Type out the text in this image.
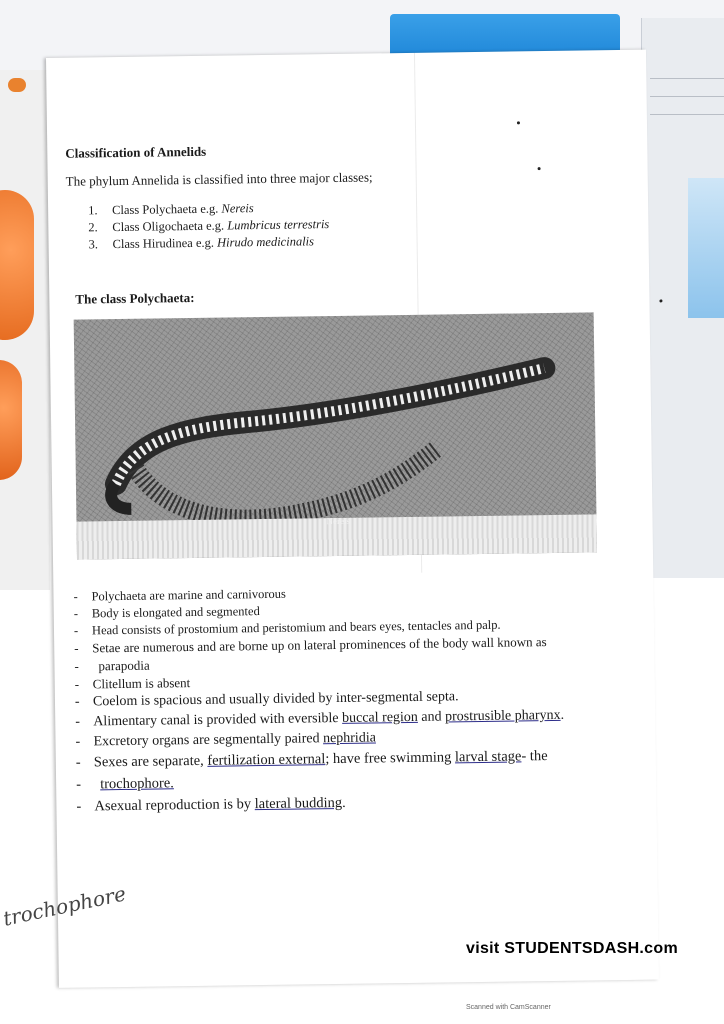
Classification of Annelids
The phylum Annelida is classified into three major classes;
1. Class Polychaeta e.g. Nereis
2. Class Oligochaeta e.g. Lumbricus terrestris
3. Class Hirudinea e.g. Hirudo medicinalis
The class Polychaeta:
Nereis
- Polychaeta are marine and carnivorous
- Body is elongated and segmented
- Head consists of prostomium and peristomium and bears eyes, tentacles and palp.
- Setae are numerous and are borne up on lateral prominences of the body wall known as
- parapodia
- Clitellum is absent
- Coelom is spacious and usually divided by inter-segmental septa.
- Alimentary canal is provided with eversible buccal region and prostrusible pharynx.
- Excretory organs are segmentally paired nephridia
- Sexes are separate, fertilization external; have free swimming larval stage- the
- trochophore.
- Asexual reproduction is by lateral budding.
trochophore
visit STUDENTSDASH.com
Scanned with CamScanner
